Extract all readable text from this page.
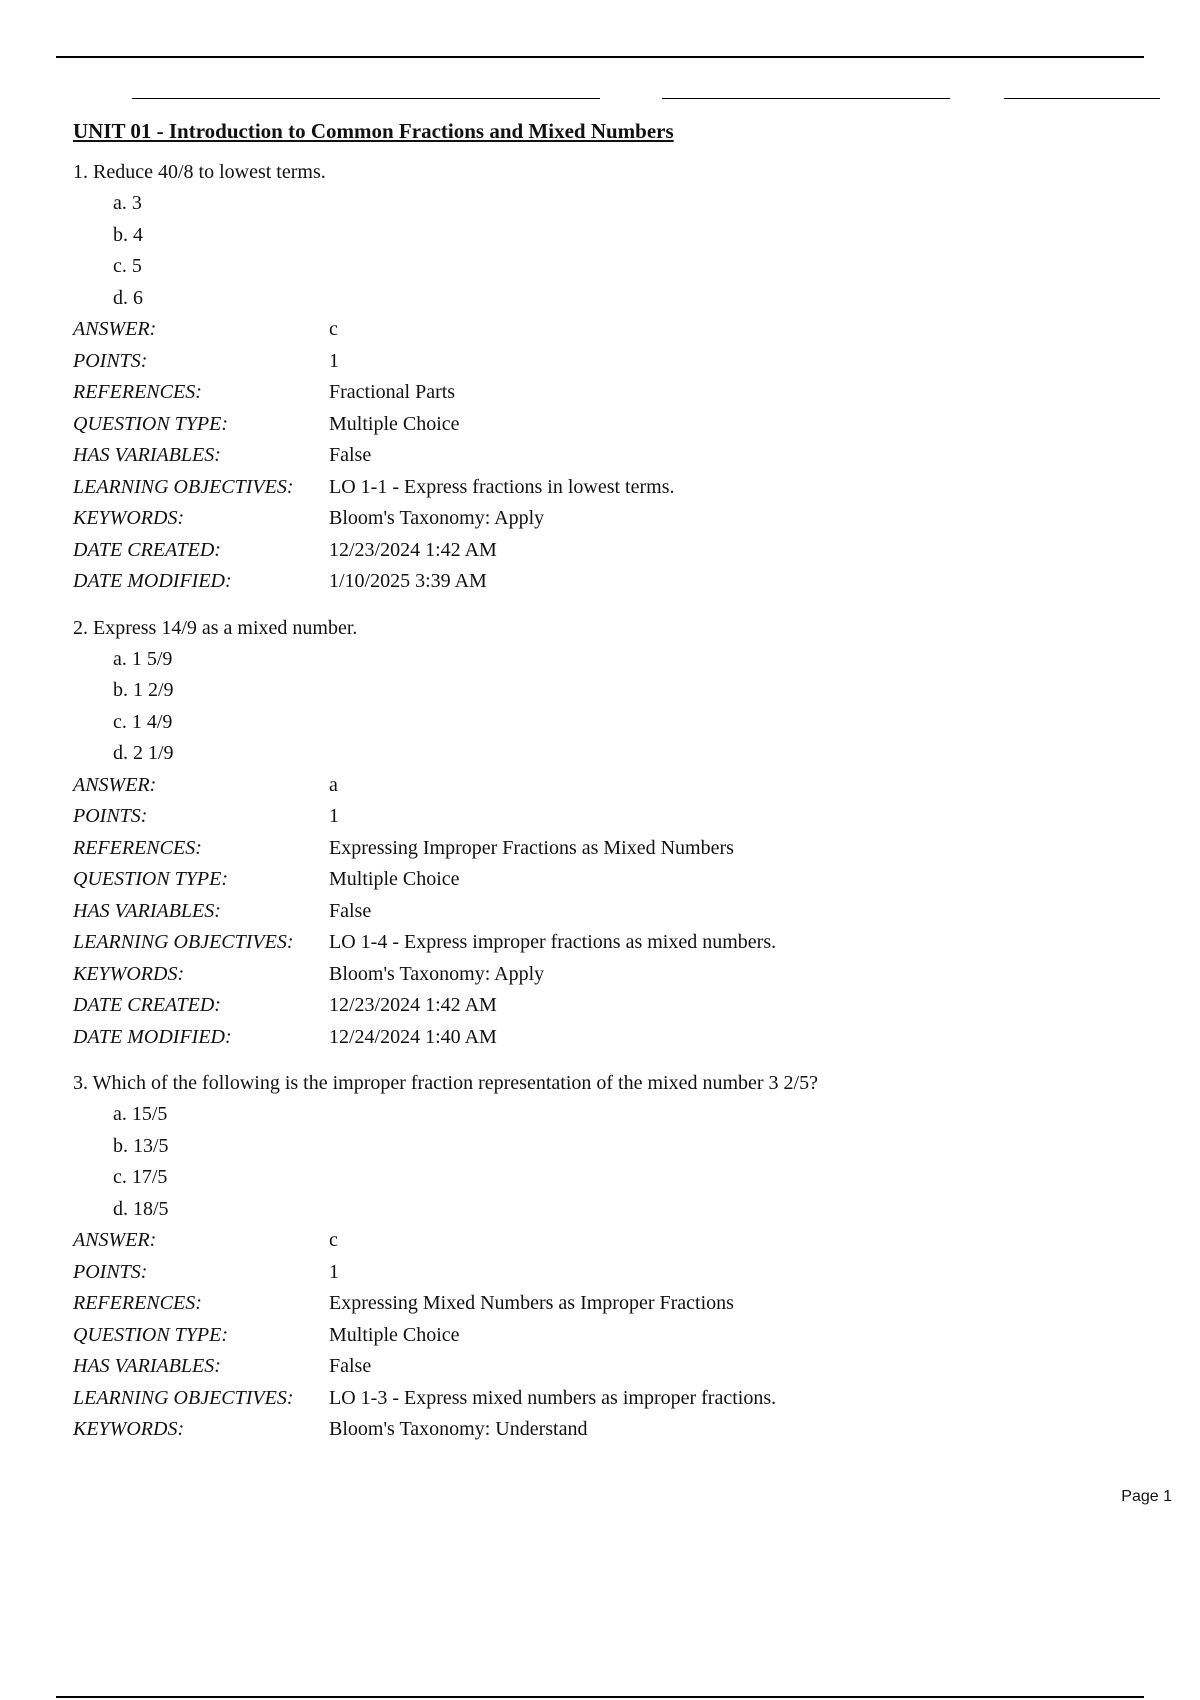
UNIT 01 - Introduction to Common Fractions and Mixed Numbers
1. Reduce 40/8 to lowest terms.
a. 3
b. 4
c. 5
d. 6
ANSWER:	c
POINTS:	1
REFERENCES:	Fractional Parts
QUESTION TYPE:	Multiple Choice
HAS VARIABLES:	False
LEARNING OBJECTIVES:	LO 1-1 - Express fractions in lowest terms.
KEYWORDS:	Bloom's Taxonomy: Apply
DATE CREATED:	12/23/2024 1:42 AM
DATE MODIFIED:	1/10/2025 3:39 AM
2. Express 14/9 as a mixed number.
a. 1 5/9
b. 1 2/9
c. 1 4/9
d. 2 1/9
ANSWER:	a
POINTS:	1
REFERENCES:	Expressing Improper Fractions as Mixed Numbers
QUESTION TYPE:	Multiple Choice
HAS VARIABLES:	False
LEARNING OBJECTIVES:	LO 1-4 - Express improper fractions as mixed numbers.
KEYWORDS:	Bloom's Taxonomy: Apply
DATE CREATED:	12/23/2024 1:42 AM
DATE MODIFIED:	12/24/2024 1:40 AM
3. Which of the following is the improper fraction representation of the mixed number 3 2/5?
a. 15/5
b. 13/5
c. 17/5
d. 18/5
ANSWER:	c
POINTS:	1
REFERENCES:	Expressing Mixed Numbers as Improper Fractions
QUESTION TYPE:	Multiple Choice
HAS VARIABLES:	False
LEARNING OBJECTIVES:	LO 1-3 - Express mixed numbers as improper fractions.
KEYWORDS:	Bloom's Taxonomy: Understand
Page 1
